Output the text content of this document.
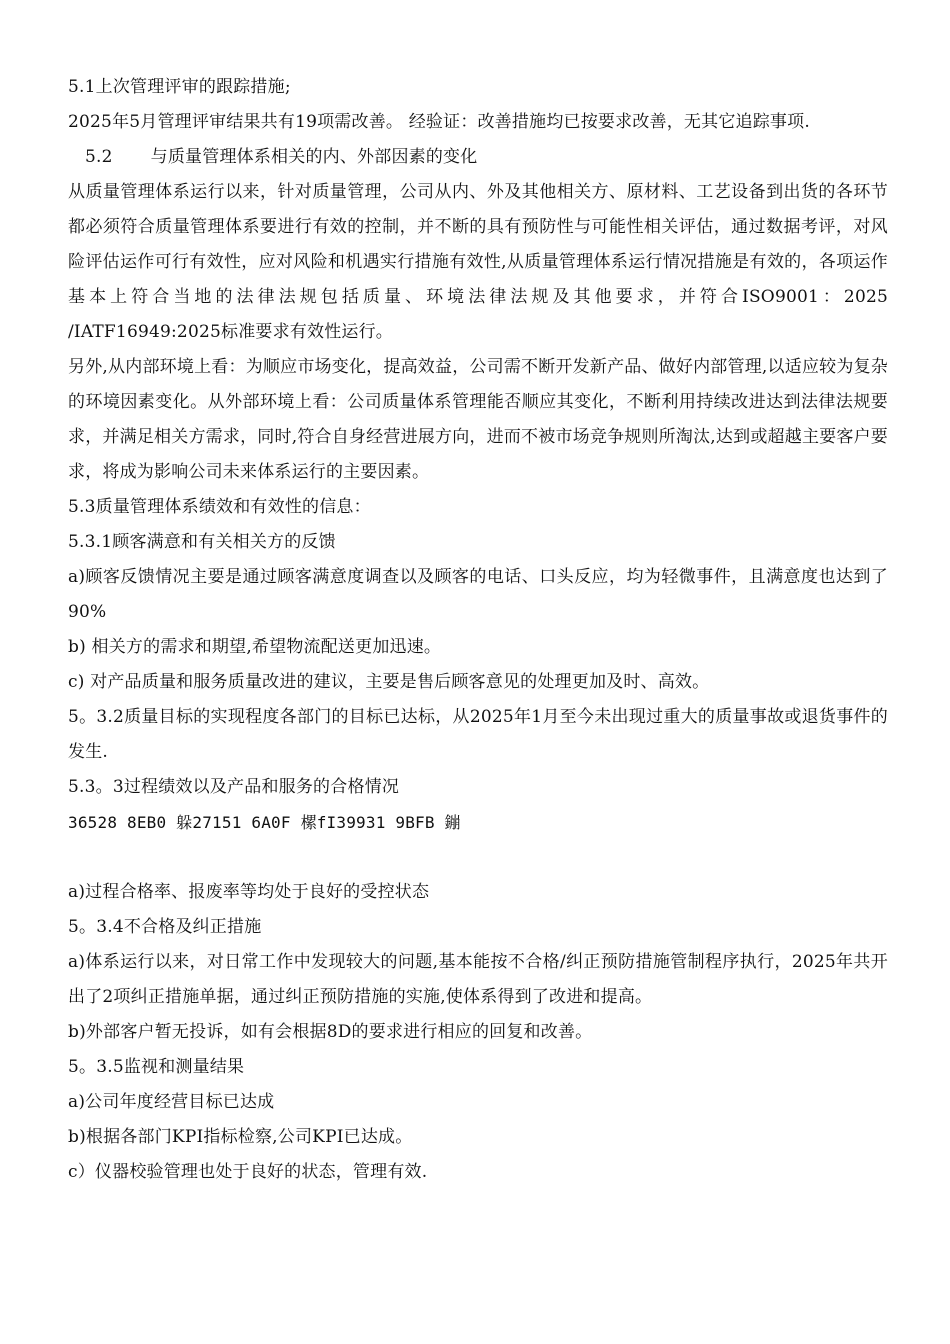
5.1上次管理评审的跟踪措施;
2025年5月管理评审结果共有19项需改善。 经验证：改善措施均已按要求改善，无其它追踪事项.
5.2 与质量管理体系相关的内、外部因素的变化
从质量管理体系运行以来，针对质量管理，公司从内、外及其他相关方、原材料、工艺设备到出货的各环节都必须符合质量管理体系要进行有效的控制，并不断的具有预防性与可能性相关评估，通过数据考评，对风险评估运作可行有效性，应对风险和机遇实行措施有效性,从质量管理体系运行情况措施是有效的，各项运作基本上符合当地的法律法规包括质量、环境法律法规及其他要求，并符合ISO9001：2025 /IATF16949:2025标准要求有效性运行。
另外,从内部环境上看：为顺应市场变化，提高效益，公司需不断开发新产品、做好内部管理,以适应较为复杂的环境因素变化。从外部环境上看：公司质量体系管理能否顺应其变化，不断利用持续改进达到法律法规要求，并满足相关方需求，同时,符合自身经营进展方向，进而不被市场竞争规则所淘汰,达到或超越主要客户要求，将成为影响公司未来体系运行的主要因素。
5.3质量管理体系绩效和有效性的信息：
5.3.1顾客满意和有关相关方的反馈
a)顾客反馈情况主要是通过顾客满意度调查以及顾客的电话、口头反应，均为轻微事件，且满意度也达到了90%
b) 相关方的需求和期望,希望物流配送更加迅速。
c) 对产品质量和服务质量改进的建议，主要是售后顾客意见的处理更加及时、高效。
5。3.2质量目标的实现程度各部门的目标已达标，从2025年1月至今未出现过重大的质量事故或退货事件的发生.
5.3。3过程绩效以及产品和服务的合格情况
36528 8EB0 躲27151 6A0F 樏fI39931 9BFB 鏰
a)过程合格率、报废率等均处于良好的受控状态
5。3.4不合格及纠正措施
a)体系运行以来，对日常工作中发现较大的问题,基本能按不合格/纠正预防措施管制程序执行，2025年共开出了2项纠正措施单据，通过纠正预防措施的实施,使体系得到了改进和提高。
b)外部客户暂无投诉，如有会根据8D的要求进行相应的回复和改善。
5。3.5监视和测量结果
a)公司年度经营目标已达成
b)根据各部门KPI指标检察,公司KPI已达成。
c）仪器校验管理也处于良好的状态，管理有效.
